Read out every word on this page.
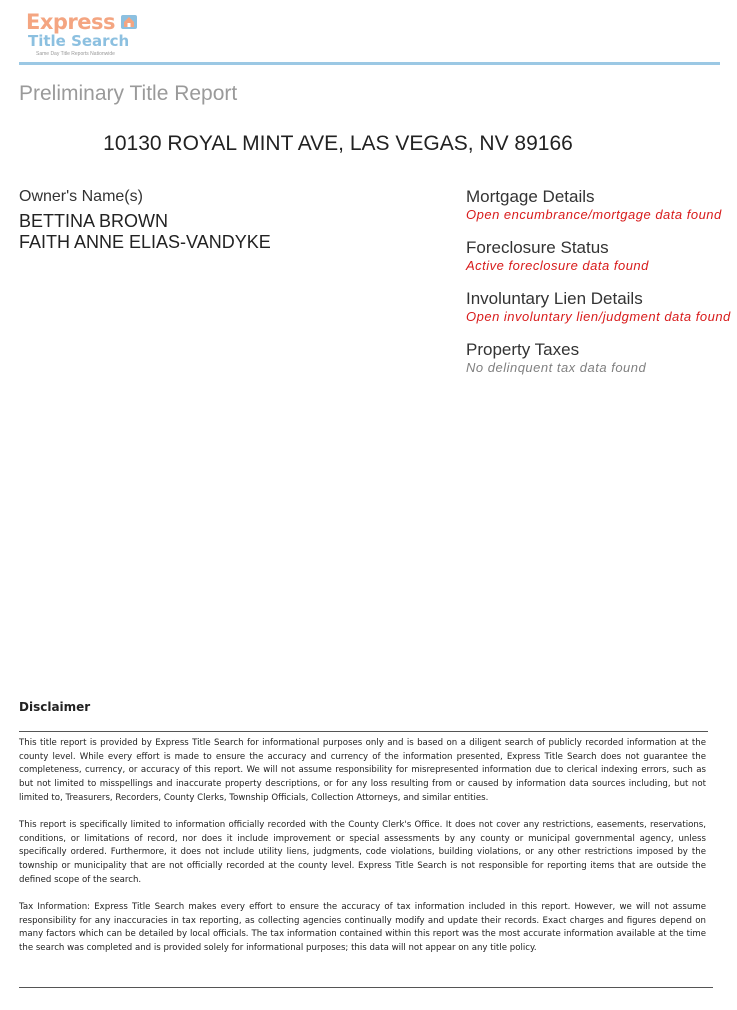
Express
Title Search
Same Day Title Reports Nationwide
Preliminary Title Report
10130 ROYAL MINT AVE, LAS VEGAS, NV 89166
Owner's Name(s)
BETTINA BROWN
FAITH ANNE ELIAS-VANDYKE
Mortgage Details
Open encumbrance/mortgage data found
Foreclosure Status
Active foreclosure data found
Involuntary Lien Details
Open involuntary lien/judgment data found
Property Taxes
No delinquent tax data found
Disclaimer

This title report is provided by Express Title Search for informational purposes only and is based on a diligent search of publicly recorded information at the county level. While every effort is made to ensure the accuracy and currency of the information presented, Express Title Search does not guarantee the completeness, currency, or accuracy of this report. We will not assume responsibility for misrepresented information due to clerical indexing errors, such as but not limited to misspellings and inaccurate property descriptions, or for any loss resulting from or caused by information data sources including, but not limited to, Treasurers, Recorders, County Clerks, Township Officials, Collection Attorneys, and similar entities.

This report is specifically limited to information officially recorded with the County Clerk's Office. It does not cover any restrictions, easements, reservations, conditions, or limitations of record, nor does it include improvement or special assessments by any county or municipal governmental agency, unless specifically ordered. Furthermore, it does not include utility liens, judgments, code violations, building violations, or any other restrictions imposed by the township or municipality that are not officially recorded at the county level. Express Title Search is not responsible for reporting items that are outside the defined scope of the search.

Tax Information: Express Title Search makes every effort to ensure the accuracy of tax information included in this report. However, we will not assume responsibility for any inaccuracies in tax reporting, as collecting agencies continually modify and update their records. Exact charges and figures depend on many factors which can be detailed by local officials. The tax information contained within this report was the most accurate information available at the time the search was completed and is provided solely for informational purposes; this data will not appear on any title policy.
